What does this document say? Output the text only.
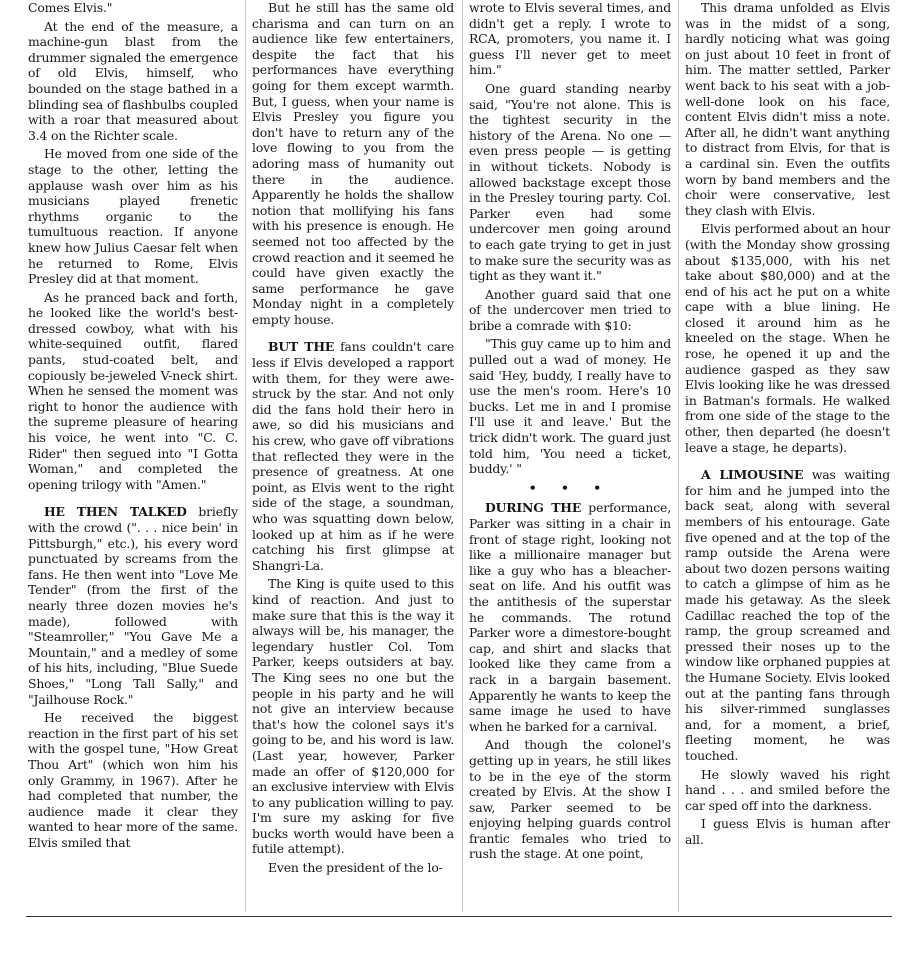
Comes Elvis."

At the end of the measure, a machine-gun blast from the drummer signaled the emergence of old Elvis, himself, who bounded on the stage bathed in a blinding sea of flashbulbs coupled with a roar that measured about 3.4 on the Richter scale.

He moved from one side of the stage to the other, letting the applause wash over him as his musicians played frenetic rhythms organic to the tumultuous reaction. If anyone knew how Julius Caesar felt when he returned to Rome, Elvis Presley did at that moment.

As he pranced back and forth, he looked like the world's best-dressed cowboy, what with his white-sequined outfit, flared pants, stud-coated belt, and copiously be-jeweled V-neck shirt. When he sensed the moment was right to honor the audience with the supreme pleasure of hearing his voice, he went into "C. C. Rider" then segued into "I Gotta Woman," and completed the opening trilogy with "Amen."

HE THEN TALKED briefly with the crowd (". . . nice bein' in Pittsburgh," etc.), his every word punctuated by screams from the fans. He then went into "Love Me Tender" (from the first of the nearly three dozen movies he's made), followed with "Steamroller," "You Gave Me a Mountain," and a medley of some of his hits, including, "Blue Suede Shoes," "Long Tall Sally," and "Jailhouse Rock."

He received the biggest reaction in the first part of his set with the gospel tune, "How Great Thou Art" (which won him his only Grammy, in 1967). After he had completed that number, the audience made it clear they wanted to hear more of the same. Elvis smiled that

But he still has the same old charisma and can turn on an audience like few entertainers, despite the fact that his performances have everything going for them except warmth. But, I guess, when your name is Elvis Presley you figure you don't have to return any of the love flowing to you from the adoring mass of humanity out there in the audience. Apparently he holds the shallow notion that mollifying his fans with his presence is enough. He seemed not too affected by the crowd reaction and it seemed he could have given exactly the same performance he gave Monday night in a completely empty house.

BUT THE fans couldn't care less if Elvis developed a rapport with them, for they were awe-struck by the star. And not only did the fans hold their hero in awe, so did his musicians and his crew, who gave off vibrations that reflected they were in the presence of greatness. At one point, as Elvis went to the right side of the stage, a soundman, who was squatting down below, looked up at him as if he were catching his first glimpse at Shangri-La.

The King is quite used to this kind of reaction. And just to make sure that this is the way it always will be, his manager, the legendary hustler Col. Tom Parker, keeps outsiders at bay. The King sees no one but the people in his party and he will not give an interview because that's how the colonel says it's going to be, and his word is law. (Last year, however, Parker made an offer of $120,000 for an exclusive interview with Elvis to any publication willing to pay. I'm sure my asking for five bucks worth would have been a futile attempt).

Even the president of the lo-

wrote to Elvis several times, and didn't get a reply. I wrote to RCA, promoters, you name it. I guess I'll never get to meet him."

One guard standing nearby said, "You're not alone. This is the tightest security in the history of the Arena. No one — even press people — is getting in without tickets. Nobody is allowed backstage except those in the Presley touring party. Col. Parker even had some undercover men going around to each gate trying to get in just to make sure the security was as tight as they want it."

Another guard said that one of the undercover men tried to bribe a comrade with $10:

"This guy came up to him and pulled out a wad of money. He said 'Hey, buddy, I really have to use the men's room. Here's 10 bucks. Let me in and I promise I'll use it and leave.' But the trick didn't work. The guard just told him, 'You need a ticket, buddy.' "

• • •

DURING THE performance, Parker was sitting in a chair in front of stage right, looking not like a millionaire manager but like a guy who has a bleacher-seat on life. And his outfit was the antithesis of the superstar he commands. The rotund Parker wore a dimestore-bought cap, and shirt and slacks that looked like they came from a rack in a bargain basement. Apparently he wants to keep the same image he used to have when he barked for a carnival.

And though the colonel's getting up in years, he still likes to be in the eye of the storm created by Elvis. At the show I saw, Parker seemed to be enjoying helping guards control frantic females who tried to rush the stage. At one point,

This drama unfolded as Elvis was in the midst of a song, hardly noticing what was going on just about 10 feet in front of him. The matter settled, Parker went back to his seat with a job-well-done look on his face, content Elvis didn't miss a note. After all, he didn't want anything to distract from Elvis, for that is a cardinal sin. Even the outfits worn by band members and the choir were conservative, lest they clash with Elvis.

Elvis performed about an hour (with the Monday show grossing about $135,000, with his net take about $80,000) and at the end of his act he put on a white cape with a blue lining. He closed it around him as he kneeled on the stage. When he rose, he opened it up and the audience gasped as they saw Elvis looking like he was dressed in Batman's formals. He walked from one side of the stage to the other, then departed (he doesn't leave a stage, he departs).

A LIMOUSINE was waiting for him and he jumped into the back seat, along with several members of his entourage. Gate five opened and at the top of the ramp outside the Arena were about two dozen persons waiting to catch a glimpse of him as he made his getaway. As the sleek Cadillac reached the top of the ramp, the group screamed and pressed their noses up to the window like orphaned puppies at the Humane Society. Elvis looked out at the panting fans through his silver-rimmed sunglasses and, for a moment, a brief, fleeting moment, he was touched.

He slowly waved his right hand . . . and smiled before the car sped off into the darkness.

I guess Elvis is human after all.
